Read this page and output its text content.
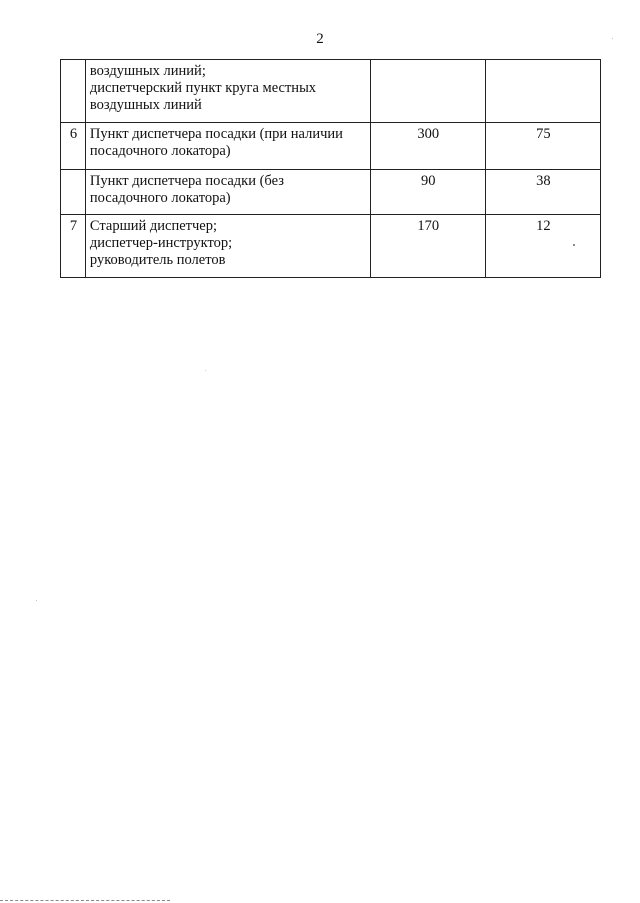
2

	воздушных линий;
диспетчерский пункт круга местных
воздушных линий		

6	Пункт диспетчера посадки (при наличии
посадочного локатора)	300	75

	Пункт диспетчера посадки (без
посадочного локатора)	90	38
7	Старший диспетчер;
диспетчер-инструктор;
руководитель полетов	170	12
